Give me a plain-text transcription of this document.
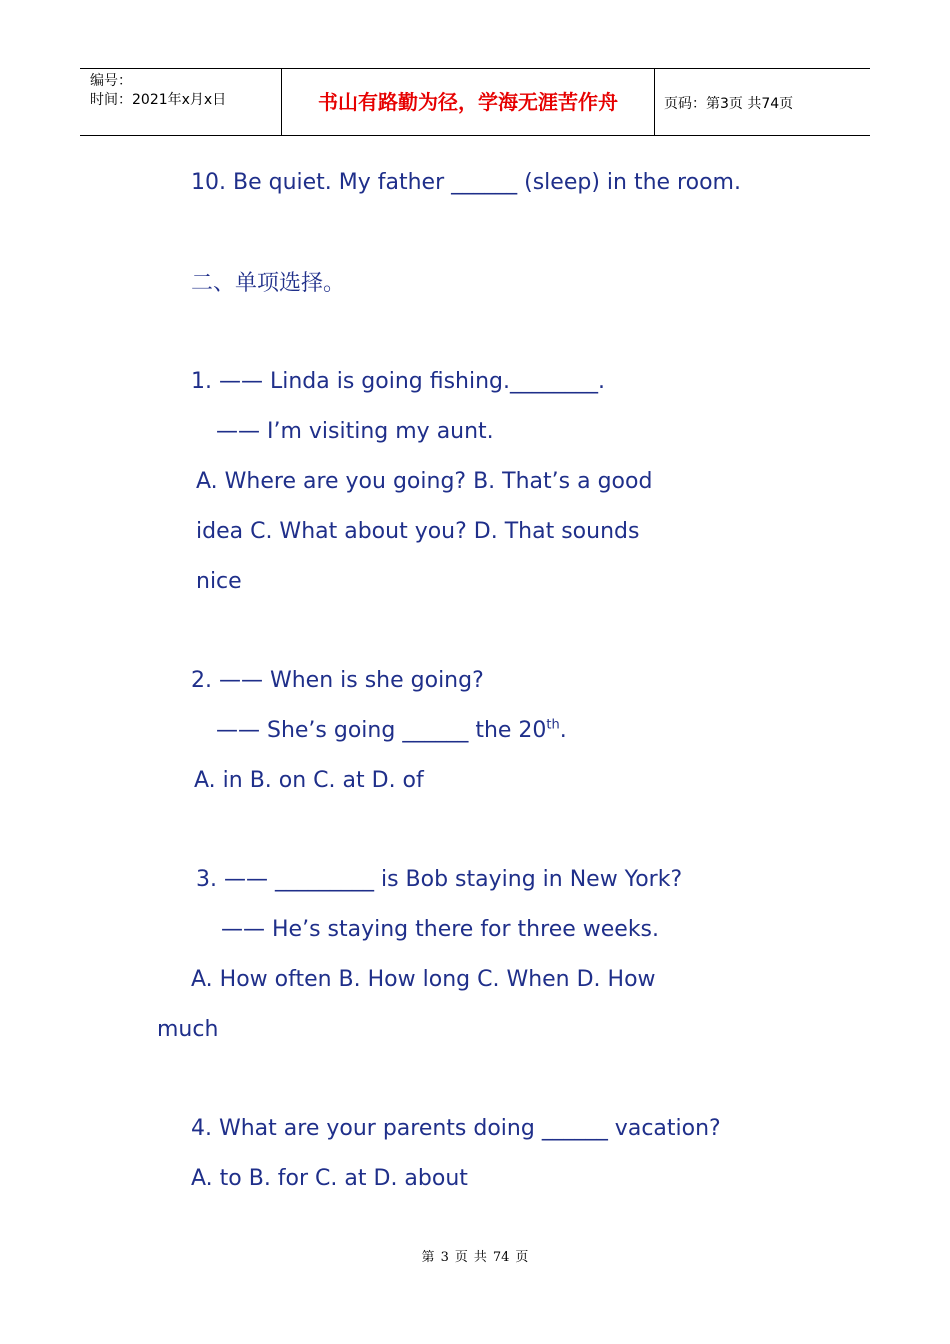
编号：
时间：2021年x月x日	书山有路勤为径，学海无涯苦作舟	页码：第3页 共74页
10. Be quiet. My father ______ (sleep) in the room.
二、单项选择。
1. —— Linda is going fishing.________.
—— I’m visiting my aunt.
A. Where are you going? B. That’s a good
idea C. What about you? D. That sounds
nice
2. —— When is she going?
—— She’s going ______ the 20th.
A. in B. on C. at D. of
3. —— _________ is Bob staying in New York?
—— He’s staying there for three weeks.
A. How often B. How long C. When D. How
much
4. What are your parents doing ______ vacation?
A. to B. for C. at D. about
第 3 页 共 74 页
